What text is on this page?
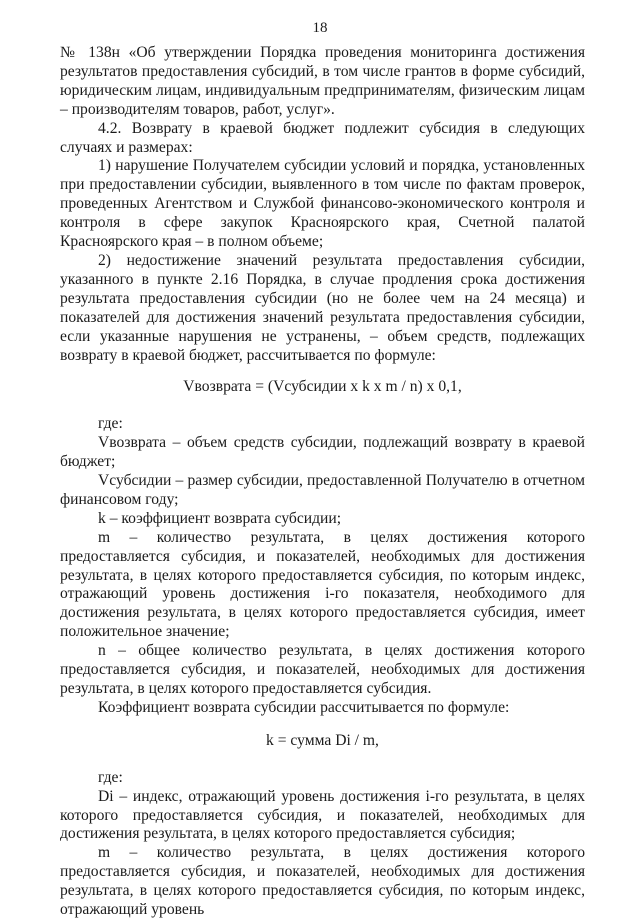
18

№ 138н «Об утверждении Порядка проведения мониторинга достижения результатов предоставления субсидий, в том числе грантов в форме субсидий, юридическим лицам, индивидуальным предпринимателям, физическим лицам – производителям товаров, работ, услуг».

4.2. Возврату в краевой бюджет подлежит субсидия в следующих случаях и размерах:

1) нарушение Получателем субсидии условий и порядка, установленных при предоставлении субсидии, выявленного в том числе по фактам проверок, проведенных Агентством и Службой финансово-экономического контроля и контроля в сфере закупок Красноярского края, Счетной палатой Красноярского края – в полном объеме;

2) недостижение значений результата предоставления субсидии, указанного в пункте 2.16 Порядка, в случае продления срока достижения результата предоставления субсидии (но не более чем на 24 месяца) и показателей для достижения значений результата предоставления субсидии, если указанные нарушения не устранены, – объем средств, подлежащих возврату в краевой бюджет, рассчитывается по формуле:

Vвозврата = (Vсубсидии x k x m / n) x 0,1,

где:

Vвозврата – объем средств субсидии, подлежащий возврату в краевой бюджет;

Vсубсидии – размер субсидии, предоставленной Получателю в отчетном финансовом году;

k – коэффициент возврата субсидии;

m – количество результата, в целях достижения которого предоставляется субсидия, и показателей, необходимых для достижения результата, в целях которого предоставляется субсидия, по которым индекс, отражающий уровень достижения i-го показателя, необходимого для достижения результата, в целях которого предоставляется субсидия, имеет положительное значение;

n – общее количество результата, в целях достижения которого предоставляется субсидия, и показателей, необходимых для достижения результата, в целях которого предоставляется субсидия.

Коэффициент возврата субсидии рассчитывается по формуле:

k = сумма Di / m,

где:

Di – индекс, отражающий уровень достижения i-го результата, в целях которого предоставляется субсидия, и показателей, необходимых для достижения результата, в целях которого предоставляется субсидия;

m – количество результата, в целях достижения которого предоставляется субсидия, и показателей, необходимых для достижения результата, в целях которого предоставляется субсидия, по которым индекс, отражающий уровень
